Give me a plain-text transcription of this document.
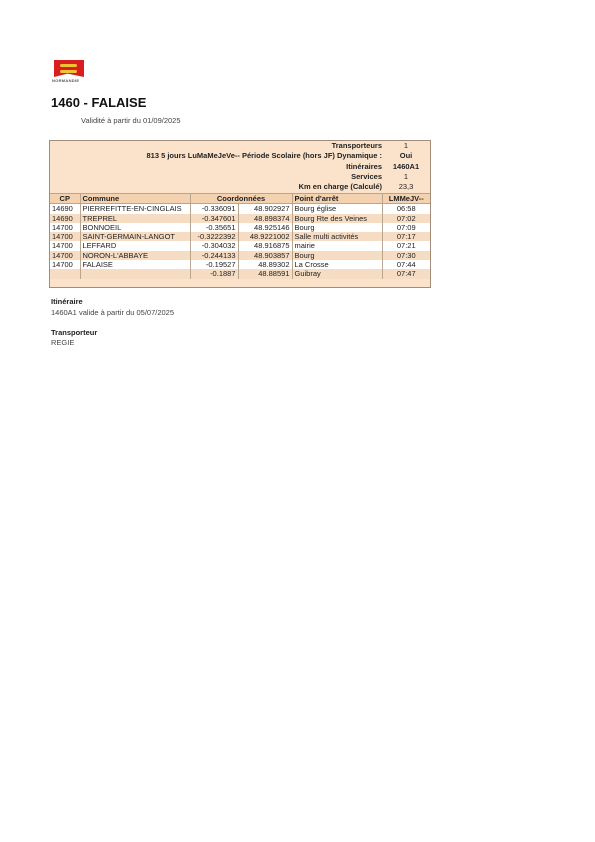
NORMANDIE
1460 - FALAISE
Validité à partir du 01/09/2025
Transporteurs	1
813 5 jours LuMaMeJeVe-- Période Scolaire (hors JF) Dynamique :	Oui
Itinéraires	1460A1
Services	1
Km en charge (Calculé)	23,3
CP	Commune	Coordonnées		Point d'arrêt	LMMeJV--
14690	PIERREFITTE-EN-CINGLAIS	-0.336091	48.902927	Bourg église	06:58
14690	TREPREL	-0.347601	48.898374	Bourg Rte des Veines	07:02
14700	BONNOEIL	-0.35651	48.925146	Bourg	07:09
14700	SAINT-GERMAIN-LANGOT	-0.3222392	48.9221002	Salle multi activités	07:17
14700	LEFFARD	-0.304032	48.916875	mairie	07:21
14700	NORON-L'ABBAYE	-0.244133	48.903857	Bourg	07:30
14700	FALAISE	-0.19527	48.89302	La Crosse	07:44
		-0.1887	48.88591	Guibray	07:47
Itinéraire
1460A1 valide à partir du 05/07/2025
Transporteur
REGIE
